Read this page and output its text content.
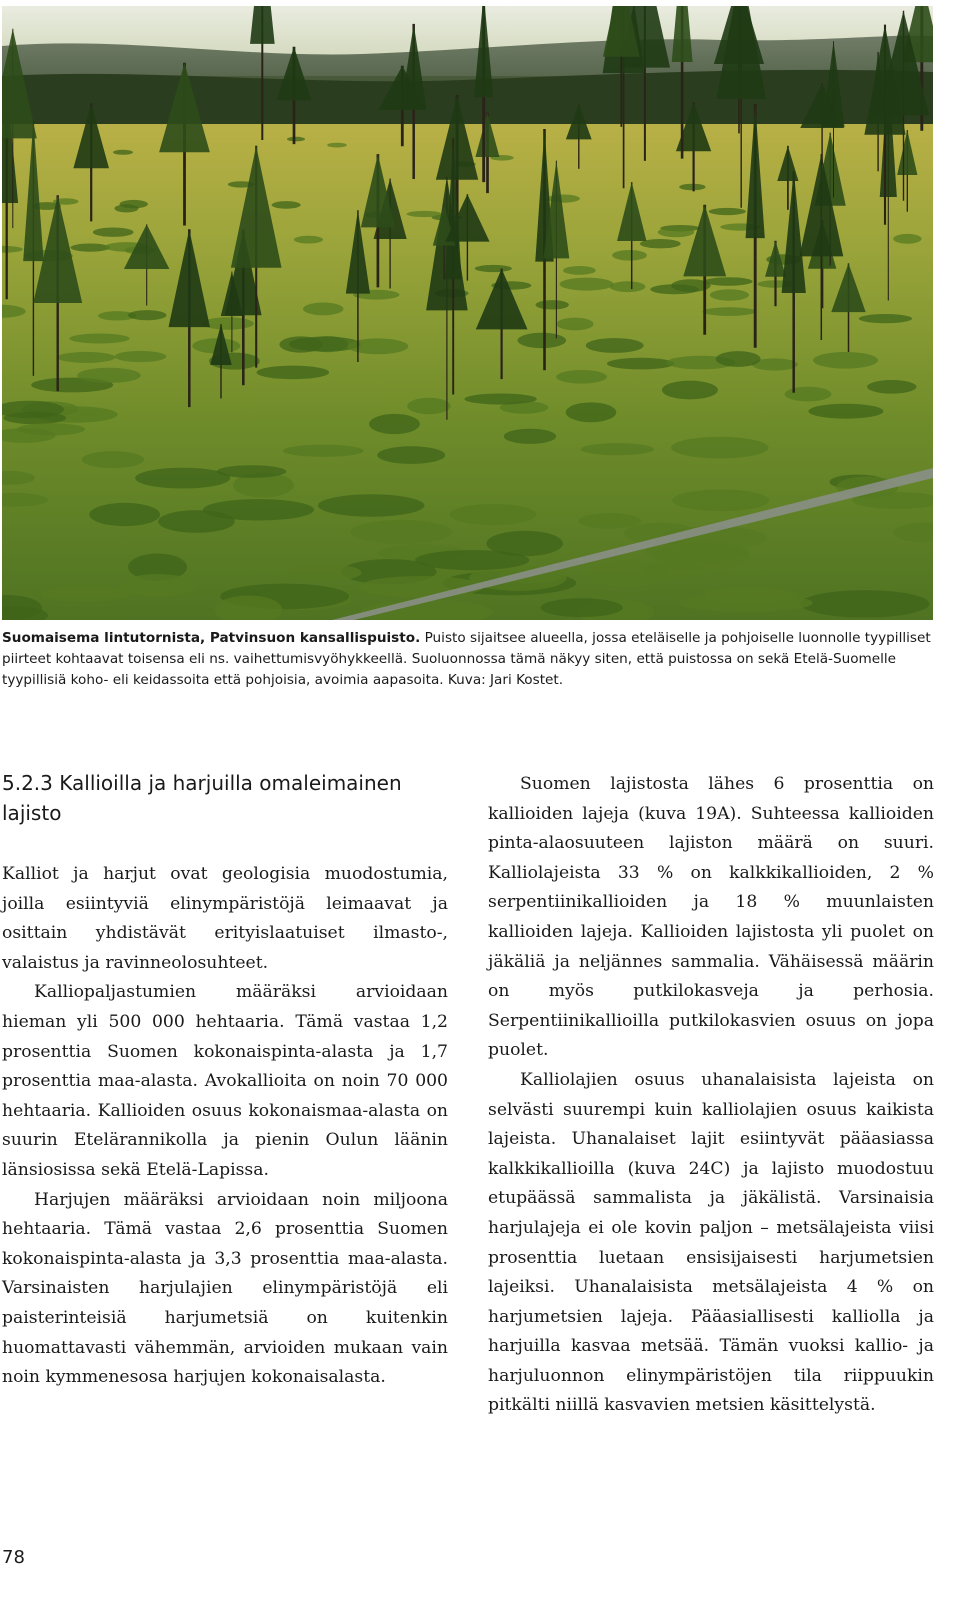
Suomaisema lintutornista, Patvinsuon kansallispuisto. Puisto sijaitsee alueella, jossa eteläiselle ja pohjoiselle luonnolle tyypilliset piirteet kohtaavat toisensa eli ns. vaihettumisvyöhykkeellä. Suoluonnossa tämä näkyy siten, että puistossa on sekä Etelä-Suomelle tyypillisiä koho- eli keidassoita että pohjoisia, avoimia aapasoita. Kuva: Jari Kostet.

5.2.3 Kallioilla ja harjuilla omaleimainen lajisto

Kalliot ja harjut ovat geologisia muodostumia, joilla esiintyviä elinympäristöjä leimaavat ja osittain yhdistävät erityislaatuiset ilmasto-, valaistus ja ravinneolosuhteet.

Kalliopaljastumien määräksi arvioidaan hieman yli 500 000 hehtaaria. Tämä vastaa 1,2 prosenttia Suomen kokonaispinta-alasta ja 1,7 prosenttia maa-alasta. Avokallioita on noin 70 000 hehtaaria. Kallioiden osuus kokonaismaa-alasta on suurin Etelärannikolla ja pienin Oulun läänin länsiosissa sekä Etelä-Lapissa.

Harjujen määräksi arvioidaan noin miljoona hehtaaria. Tämä vastaa 2,6 prosenttia Suomen kokonaispinta-alasta ja 3,3 prosenttia maa-alasta. Varsinaisten harjulajien elinympäristöjä eli paisterinteisiä harjumetsiä on kuitenkin huomattavasti vähemmän, arvioiden mukaan vain noin kymmenesosa harjujen kokonaisalasta.

Suomen lajistosta lähes 6 prosenttia on kallioiden lajeja (kuva 19A). Suhteessa kallioiden pinta-alaosuuteen lajiston määrä on suuri. Kalliolajeista 33 % on kalkkikallioiden, 2 % serpentiinikallioiden ja 18 % muunlaisten kallioiden lajeja. Kallioiden lajistosta yli puolet on jäkäliä ja neljännes sammalia. Vähäisessä määrin on myös putkilokasveja ja perhosia. Serpentiinikallioilla putkilokasvien osuus on jopa puolet.

Kalliolajien osuus uhanalaisista lajeista on selvästi suurempi kuin kalliolajien osuus kaikista lajeista. Uhanalaiset lajit esiintyvät pääasiassa kalkkikallioilla (kuva 24C) ja lajisto muodostuu etupäässä sammalista ja jäkälistä. Varsinaisia harjulajeja ei ole kovin paljon – metsälajeista viisi prosenttia luetaan ensisijaisesti harjumetsien lajeiksi. Uhanalaisista metsälajeista 4 % on harjumetsien lajeja. Pääasiallisesti kalliolla ja harjuilla kasvaa metsää. Tämän vuoksi kallio- ja harjuluonnon elinympäristöjen tila riippuukin pitkälti niillä kasvavien metsien käsittelystä.

78
